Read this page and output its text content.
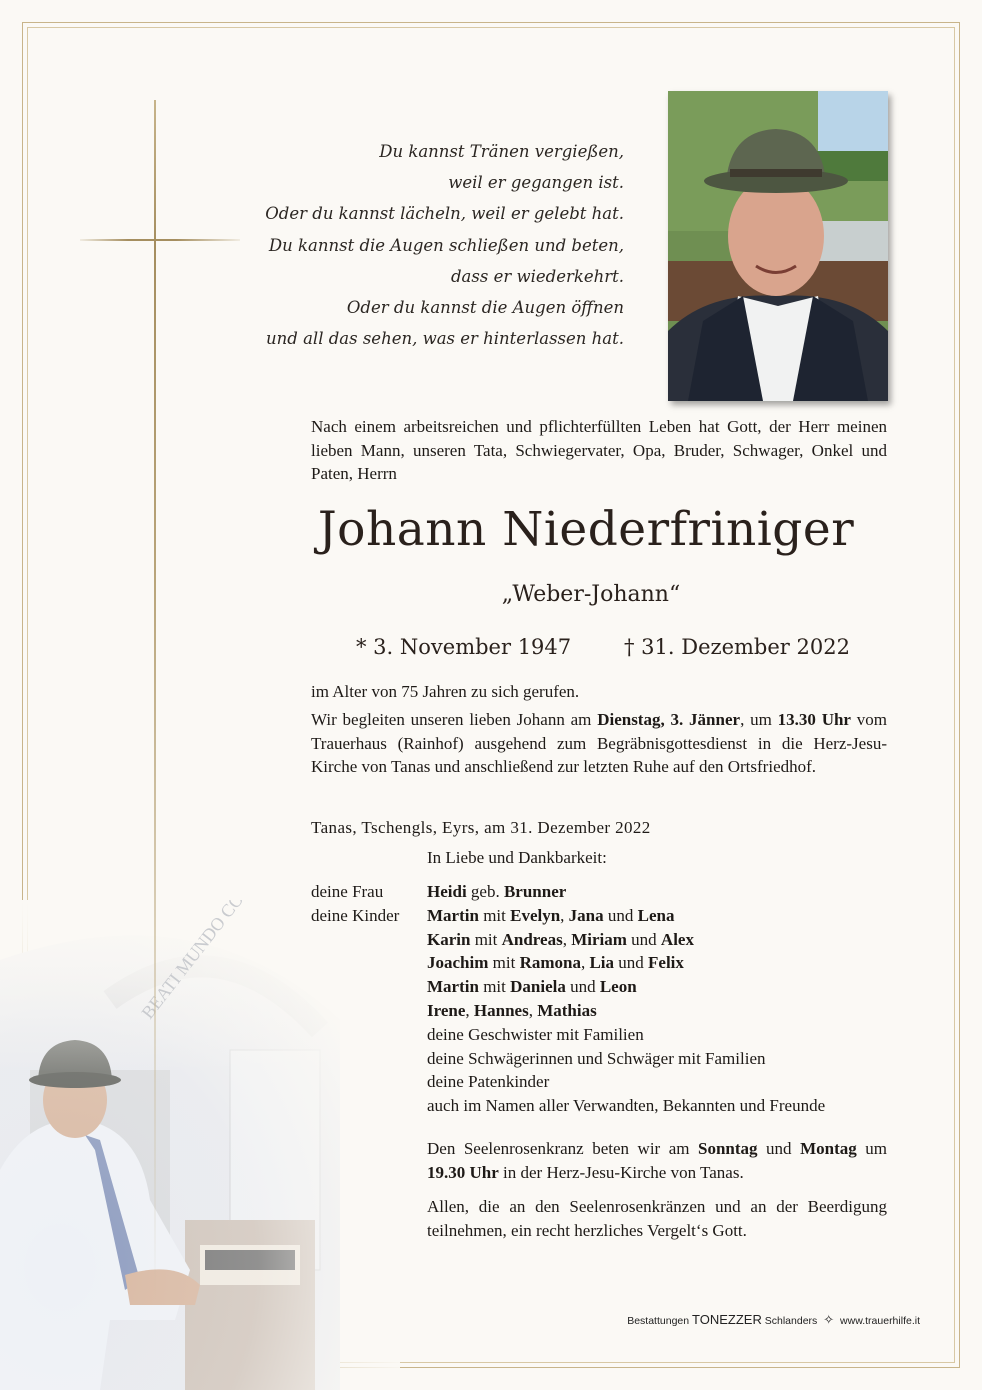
Du kannst Tränen vergießen,
weil er gegangen ist.
Oder du kannst lächeln, weil er gelebt hat.
Du kannst die Augen schließen und beten,
dass er wiederkehrt.
Oder du kannst die Augen öffnen
und all das sehen, was er hinterlassen hat.
Nach einem arbeitsreichen und pflichterfüllten Leben hat Gott, der Herr meinen lieben Mann, unseren Tata, Schwiegervater, Opa, Bruder, Schwager, Onkel und Paten, Herrn
Johann Niederfriniger
„Weber-Johann“
* 3. November 1947	† 31. Dezember 2022
im Alter von 75 Jahren zu sich gerufen.
Wir begleiten unseren lieben Johann am Dienstag, 3. Jänner, um 13.30 Uhr vom Trauerhaus (Rainhof) ausgehend zum Begräbnisgottesdienst in die Herz-Jesu-Kirche von Tanas und anschließend zur letzten Ruhe auf den Ortsfriedhof.
Tanas, Tschengls, Eyrs, am 31. Dezember 2022
In Liebe und Dankbarkeit:
deine Frau	Heidi geb. Brunner
deine Kinder	Martin mit Evelyn, Jana und Lena
Karin mit Andreas, Miriam und Alex
Joachim mit Ramona, Lia und Felix
Martin mit Daniela und Leon
Irene, Hannes, Mathias
deine Geschwister mit Familien
deine Schwägerinnen und Schwäger mit Familien
deine Patenkinder
auch im Namen aller Verwandten, Bekannten und Freunde
Den Seelenrosenkranz beten wir am Sonntag und Montag um 19.30 Uhr in der Herz-Jesu-Kirche von Tanas.
Allen, die an den Seelenrosenkränzen und an der Beerdigung teilnehmen, ein recht herzliches Vergelt‘s Gott.
Bestattungen TONEZZER Schlanders ✧ www.trauerhilfe.it
